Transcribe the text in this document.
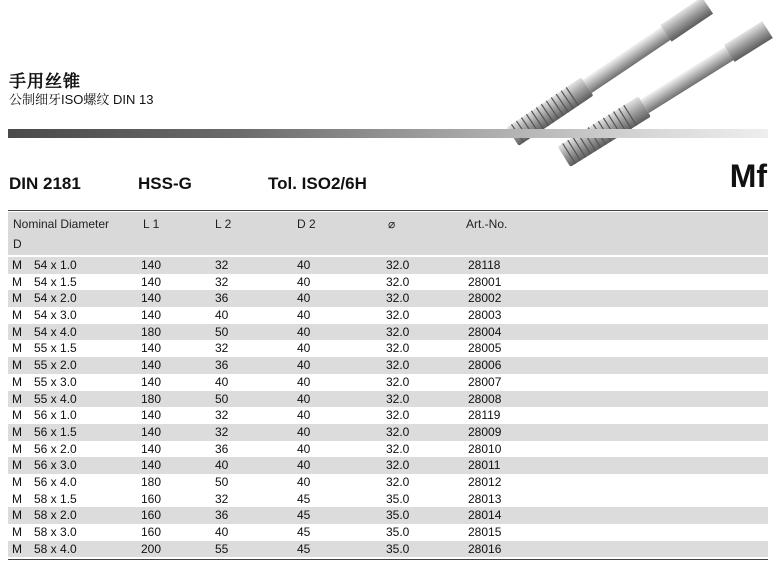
手用丝锥
公制细牙ISO螺纹 DIN 13
DIN 2181	HSS-G	Tol. ISO2/6H	Mf
Nominal Diameter
D
L 1	L 2	D 2	⌀	Art.-No.
M 54 x 1.0	140	32	40	32.0	28118
M 54 x 1.5	140	32	40	32.0	28001
M 54 x 2.0	140	36	40	32.0	28002
M 54 x 3.0	140	40	40	32.0	28003
M 54 x 4.0	180	50	40	32.0	28004
M 55 x 1.5	140	32	40	32.0	28005
M 55 x 2.0	140	36	40	32.0	28006
M 55 x 3.0	140	40	40	32.0	28007
M 55 x 4.0	180	50	40	32.0	28008
M 56 x 1.0	140	32	40	32.0	28119
M 56 x 1.5	140	32	40	32.0	28009
M 56 x 2.0	140	36	40	32.0	28010
M 56 x 3.0	140	40	40	32.0	28011
M 56 x 4.0	180	50	40	32.0	28012
M 58 x 1.5	160	32	45	35.0	28013
M 58 x 2.0	160	36	45	35.0	28014
M 58 x 3.0	160	40	45	35.0	28015
M 58 x 4.0	200	55	45	35.0	28016
